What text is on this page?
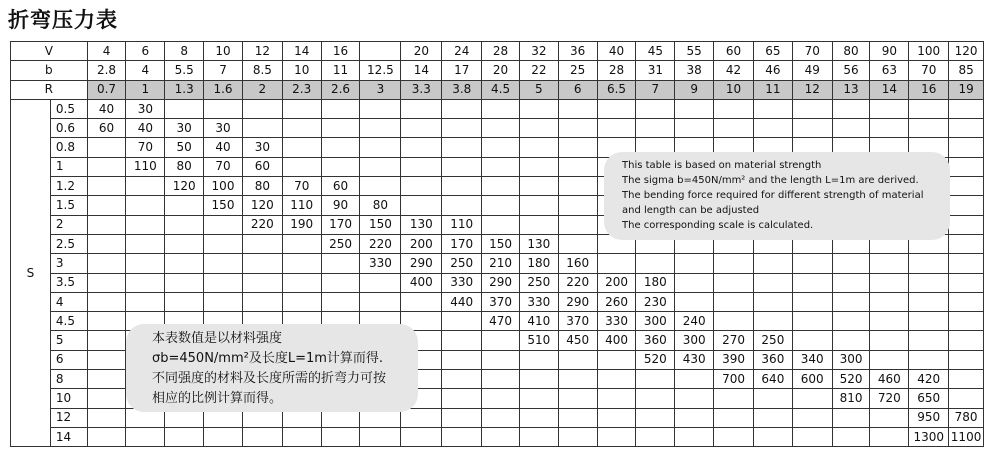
折弯压力表
V		4	6	8	10	12	14	16		20	24	28	32	36	40	45	55	60	65	70	80	90	100	120
b		2.8	4	5.5	7	8.5	10	11	12.5	14	17	20	22	25	28	31	38	42	46	49	56	63	70	85
R		0.7	1	1.3	1.6	2	2.3	2.6	3	3.3	3.8	4.5	5	6	6.5	7	9	10	11	12	13	14	16	19
S	0.5	40	30																					
	0.6	60	40	30	30																			
	0.8		70	50	40	30																		
	1		110	80	70	60																		
	1.2			120	100	80	70	60																
	1.5				150	120	110	90	80															
	2					220	190	170	150	130	110													
	2.5							250	220	200	170	150	130											
	3								330	290	250	210	180	160										
	3.5									400	330	290	250	220	200	180								
	4										440	370	330	290	260	230								
	4.5											470	410	370	330	300	240							
	5												510	450	400	360	300	270	250					
	6															520	430	390	360	340	300			
	8																	700	640	600	520	460	420	
	10																				810	720	650	
	12																						950	780
	14																						1300	1100

This table is based on material strength

The sigma b=450N/mm² and the length L=1m are derived.

The bending force required for different strength of material and length can be adjusted

The corresponding scale is calculated.

本表数值是以材料强度

σb=450N/mm²及长度L=1m计算而得.

不同强度的材料及长度所需的折弯力可按

相应的比例计算而得。
